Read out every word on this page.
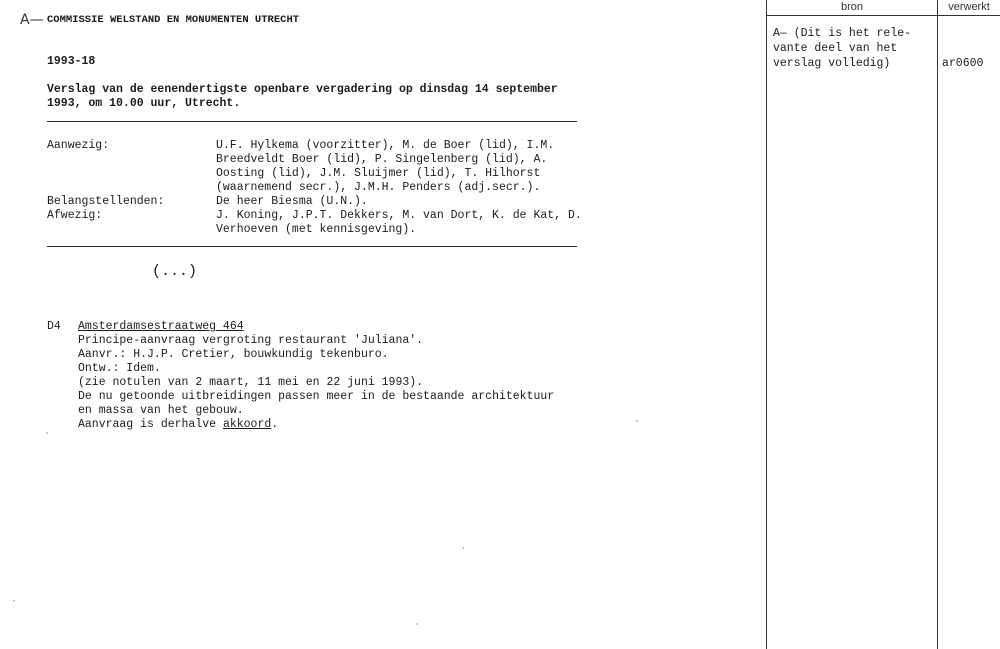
A— COMMISSIE WELSTAND EN MONUMENTEN UTRECHT
1993-18
Verslag van de eenendertigste openbare vergadering op dinsdag 14 september
1993, om 10.00 uur, Utrecht.
Aanwezig:	U.F. Hylkema (voorzitter), M. de Boer (lid), I.M.
Breedveldt Boer (lid), P. Singelenberg (lid), A.
Oosting (lid), J.M. Sluijmer (lid), T. Hilhorst
(waarnemend secr.), J.M.H. Penders (adj.secr.).
Belangstellenden:	De heer Biesma (U.N.).
Afwezig:	J. Koning, J.P.T. Dekkers, M. van Dort, K. de Kat, D.
Verhoeven (met kennisgeving).
(...)
D4 Amsterdamsestraatweg 464
Principe-aanvraag vergroting restaurant 'Juliana'.
Aanvr.: H.J.P. Cretier, bouwkundig tekenburo.
Ontw.: Idem.
(zie notulen van 2 maart, 11 mei en 22 juni 1993).
De nu getoonde uitbreidingen passen meer in de bestaande architektuur
en massa van het gebouw.
Aanvraag is derhalve akkoord.
bron	verwerkt
A— (Dit is het rele-
vante deel van het
verslag volledig)	ar0600
